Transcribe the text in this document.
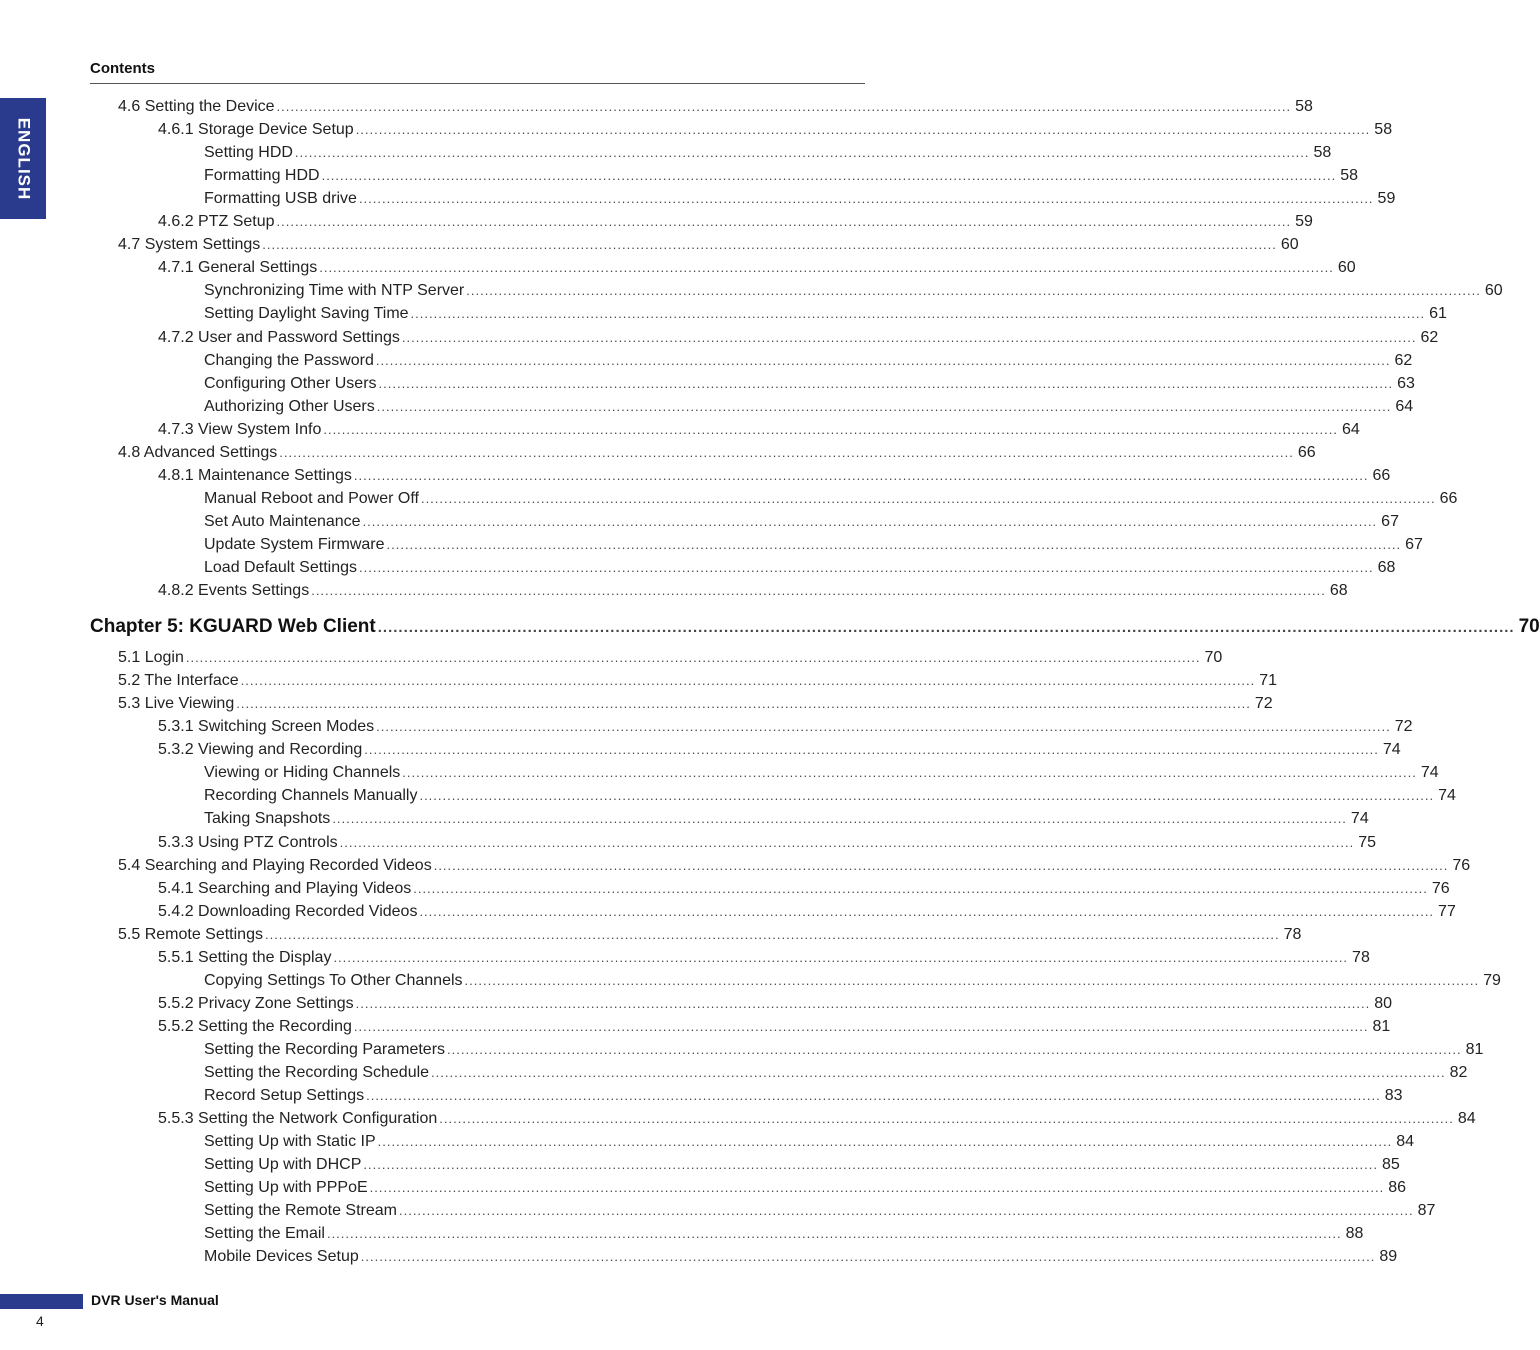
Contents
ENGLISH
4.6 Setting the Device ............................................................................................................................................................................................................................ 58
4.6.1 Storage Device Setup ............................................................................................................................................................................................................................ 58
Setting HDD ............................................................................................................................................................................................................................ 58
Formatting HDD ............................................................................................................................................................................................................................ 58
Formatting USB drive ............................................................................................................................................................................................................................ 59
4.6.2 PTZ Setup ............................................................................................................................................................................................................................ 59
4.7 System Settings ............................................................................................................................................................................................................................ 60
4.7.1 General Settings ............................................................................................................................................................................................................................ 60
Synchronizing Time with NTP Server ............................................................................................................................................................................................................................ 60
Setting Daylight Saving Time ............................................................................................................................................................................................................................ 61
4.7.2 User and Password Settings ............................................................................................................................................................................................................................ 62
Changing the Password ............................................................................................................................................................................................................................ 62
Configuring Other Users ............................................................................................................................................................................................................................ 63
Authorizing Other Users ............................................................................................................................................................................................................................ 64
4.7.3 View System Info ............................................................................................................................................................................................................................ 64
4.8 Advanced Settings ............................................................................................................................................................................................................................ 66
4.8.1 Maintenance Settings ............................................................................................................................................................................................................................ 66
Manual Reboot and Power Off ............................................................................................................................................................................................................................ 66
Set Auto Maintenance ............................................................................................................................................................................................................................ 67
Update System Firmware ............................................................................................................................................................................................................................ 67
Load Default Settings ............................................................................................................................................................................................................................ 68
4.8.2 Events Settings ............................................................................................................................................................................................................................ 68
Chapter 5: KGUARD Web Client ............................................................................................................................................................................................................................ 70
5.1 Login ............................................................................................................................................................................................................................ 70
5.2 The Interface ............................................................................................................................................................................................................................ 71
5.3 Live Viewing ............................................................................................................................................................................................................................ 72
5.3.1 Switching Screen Modes ............................................................................................................................................................................................................................ 72
5.3.2 Viewing and Recording ............................................................................................................................................................................................................................ 74
Viewing or Hiding Channels ............................................................................................................................................................................................................................ 74
Recording Channels Manually ............................................................................................................................................................................................................................ 74
Taking Snapshots ............................................................................................................................................................................................................................ 74
5.3.3 Using PTZ Controls ............................................................................................................................................................................................................................ 75
5.4 Searching and Playing Recorded Videos ............................................................................................................................................................................................................................ 76
5.4.1 Searching and Playing Videos ............................................................................................................................................................................................................................ 76
5.4.2 Downloading Recorded Videos ............................................................................................................................................................................................................................ 77
5.5 Remote Settings ............................................................................................................................................................................................................................ 78
5.5.1 Setting the Display ............................................................................................................................................................................................................................ 78
Copying Settings To Other Channels ............................................................................................................................................................................................................................ 79
5.5.2 Privacy Zone Settings ............................................................................................................................................................................................................................ 80
5.5.2 Setting the Recording ............................................................................................................................................................................................................................ 81
Setting the Recording Parameters ............................................................................................................................................................................................................................ 81
Setting the Recording Schedule ............................................................................................................................................................................................................................ 82
Record Setup Settings ............................................................................................................................................................................................................................ 83
5.5.3 Setting the Network Configuration ............................................................................................................................................................................................................................ 84
Setting Up with Static IP ............................................................................................................................................................................................................................ 84
Setting Up with DHCP ............................................................................................................................................................................................................................ 85
Setting Up with PPPoE ............................................................................................................................................................................................................................ 86
Setting the Remote Stream ............................................................................................................................................................................................................................ 87
Setting the Email ............................................................................................................................................................................................................................ 88
Mobile Devices Setup ............................................................................................................................................................................................................................ 89
DVR User's Manual
4
